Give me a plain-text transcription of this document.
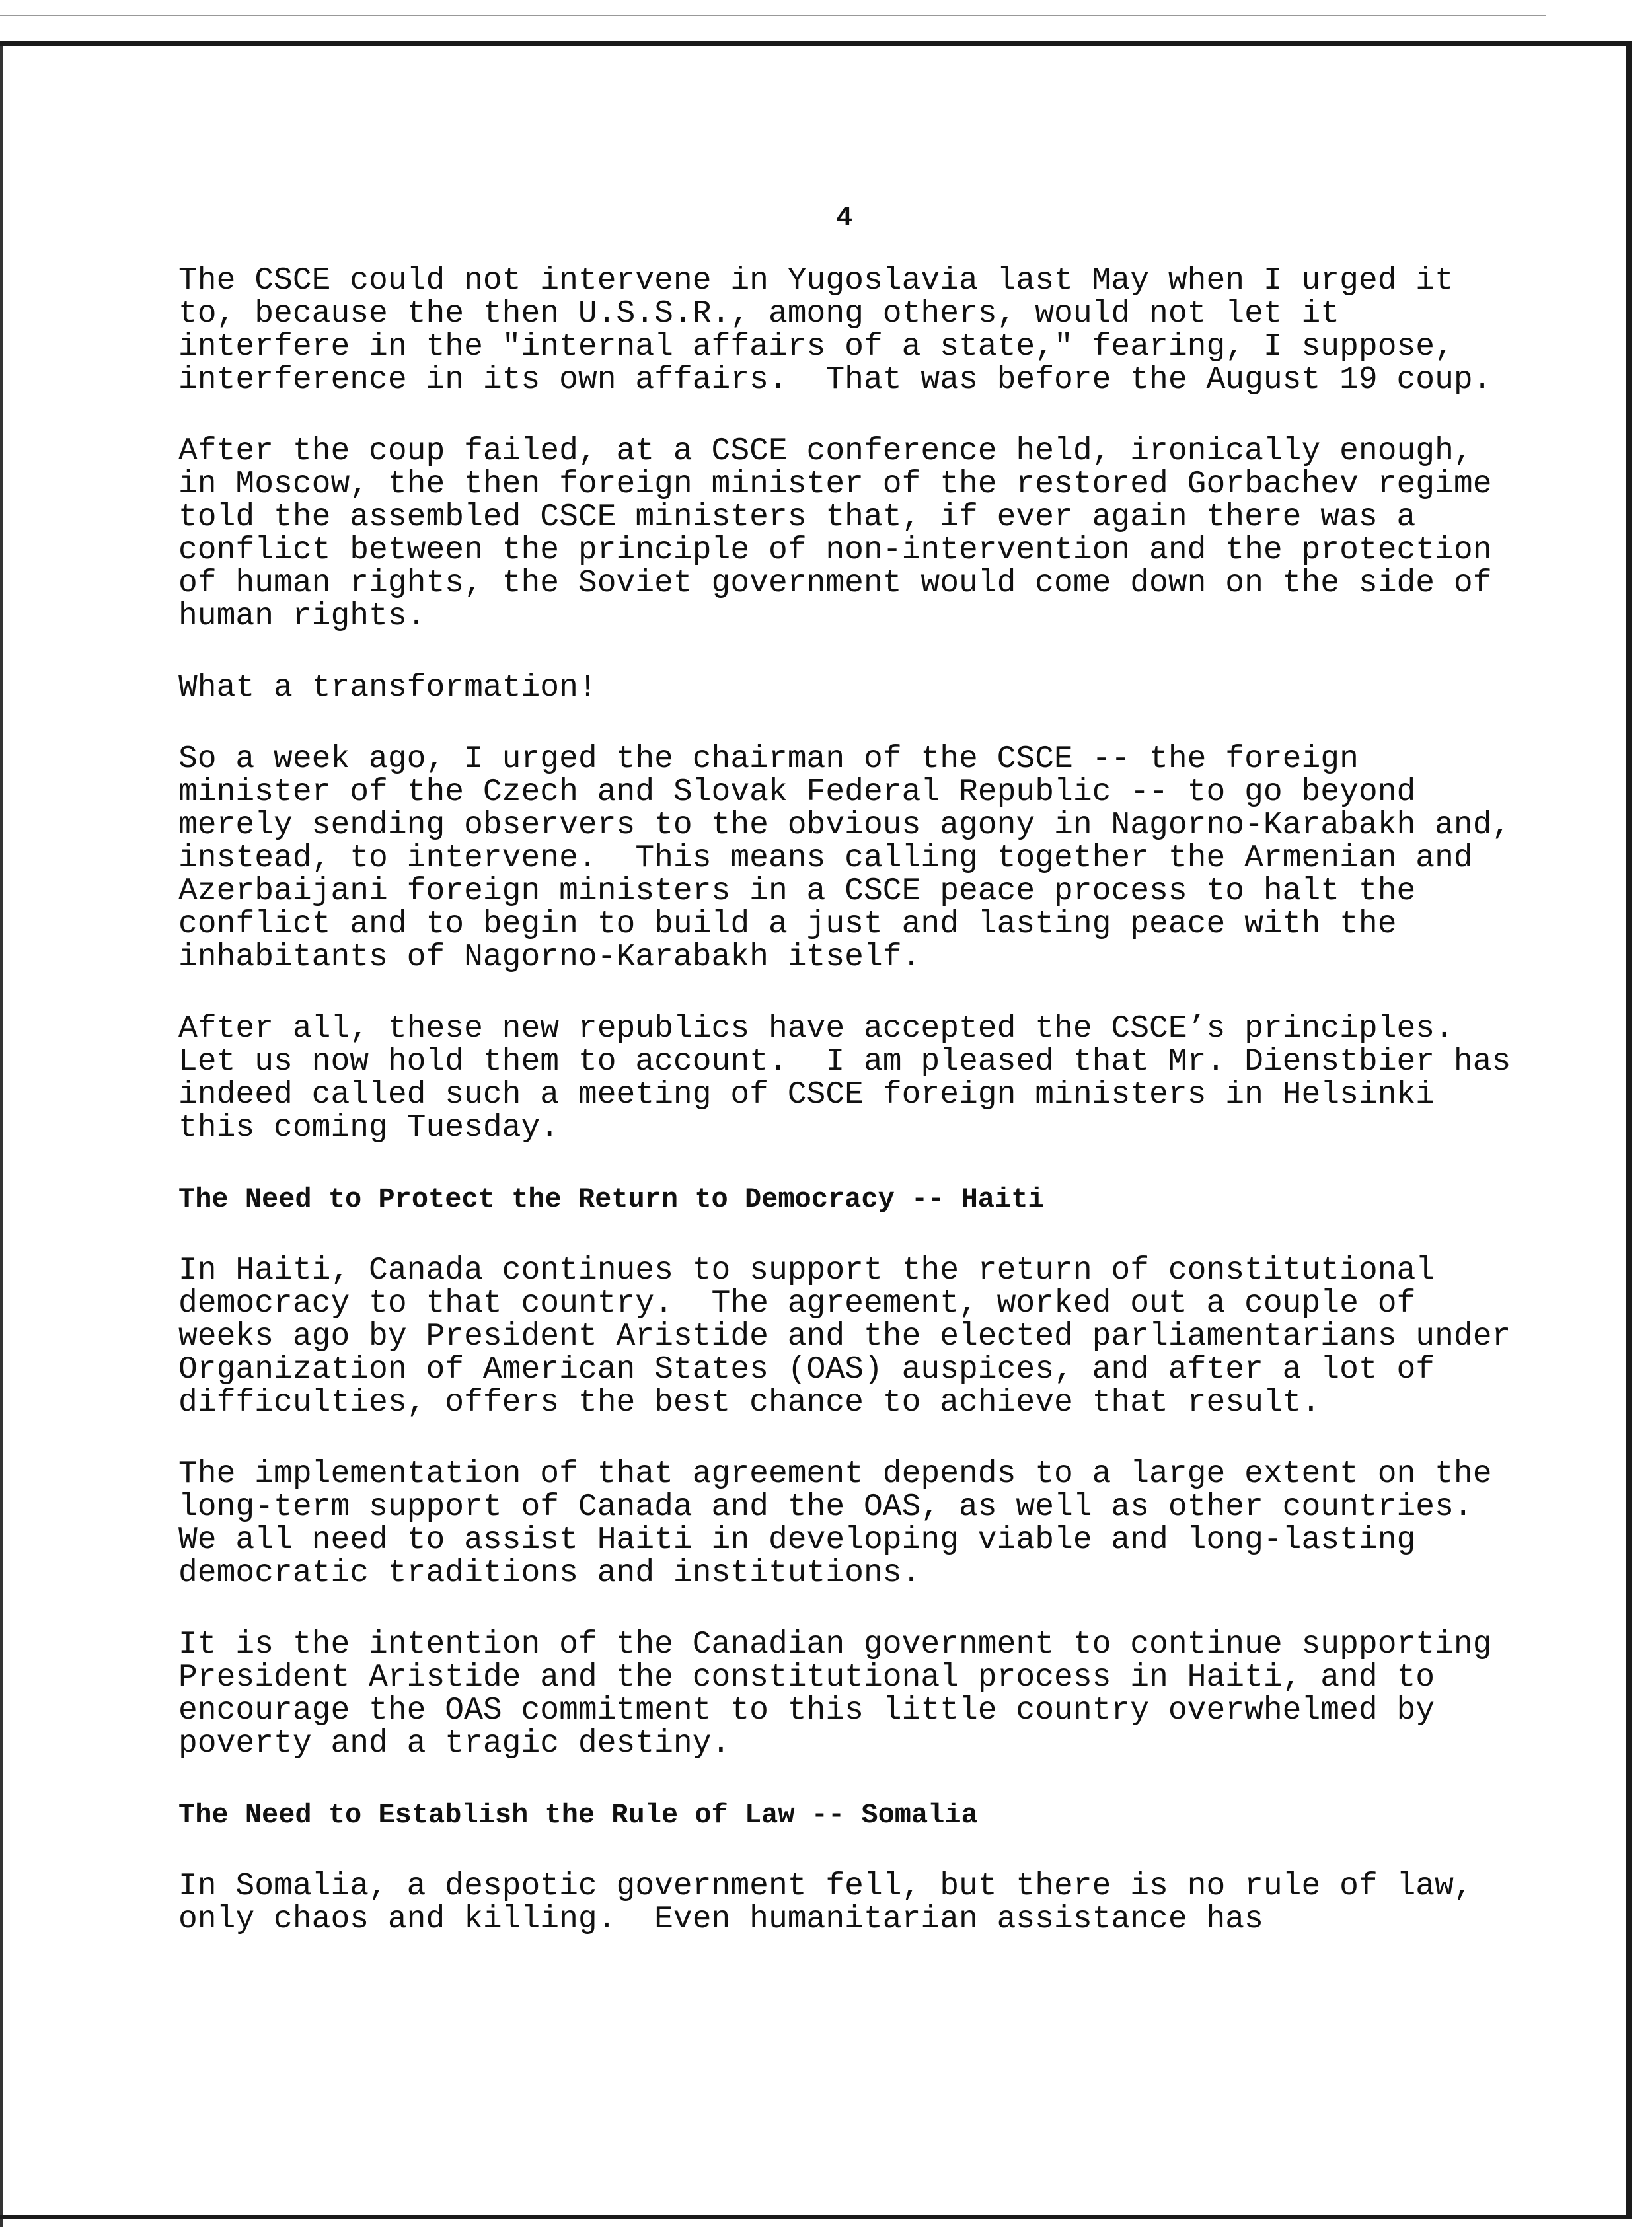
4

The CSCE could not intervene in Yugoslavia last May when I urged it to, because the then U.S.S.R., among others, would not let it interfere in the "internal affairs of a state," fearing, I suppose, interference in its own affairs.  That was before the August 19 coup.

After the coup failed, at a CSCE conference held, ironically enough, in Moscow, the then foreign minister of the restored Gorbachev regime told the assembled CSCE ministers that, if ever again there was a conflict between the principle of non-intervention and the protection of human rights, the Soviet government would come down on the side of human rights.

What a transformation!

So a week ago, I urged the chairman of the CSCE -- the foreign minister of the Czech and Slovak Federal Republic -- to go beyond merely sending observers to the obvious agony in Nagorno-Karabakh and, instead, to intervene.  This means calling together the Armenian and Azerbaijani foreign ministers in a CSCE peace process to halt the conflict and to begin to build a just and lasting peace with the inhabitants of Nagorno-Karabakh itself.

After all, these new republics have accepted the CSCE’s principles.  Let us now hold them to account.  I am pleased that Mr. Dienstbier has indeed called such a meeting of CSCE foreign ministers in Helsinki this coming Tuesday.

The Need to Protect the Return to Democracy -- Haiti

In Haiti, Canada continues to support the return of constitutional democracy to that country.  The agreement, worked out a couple of weeks ago by President Aristide and the elected parliamentarians under Organization of American States (OAS) auspices, and after a lot of difficulties, offers the best chance to achieve that result.

The implementation of that agreement depends to a large extent on the long-term support of Canada and the OAS, as well as other countries.  We all need to assist Haiti in developing viable and long-lasting democratic traditions and institutions.

It is the intention of the Canadian government to continue supporting President Aristide and the constitutional process in Haiti, and to encourage the OAS commitment to this little country overwhelmed by poverty and a tragic destiny.

The Need to Establish the Rule of Law -- Somalia

In Somalia, a despotic government fell, but there is no rule of law, only chaos and killing.  Even humanitarian assistance has
